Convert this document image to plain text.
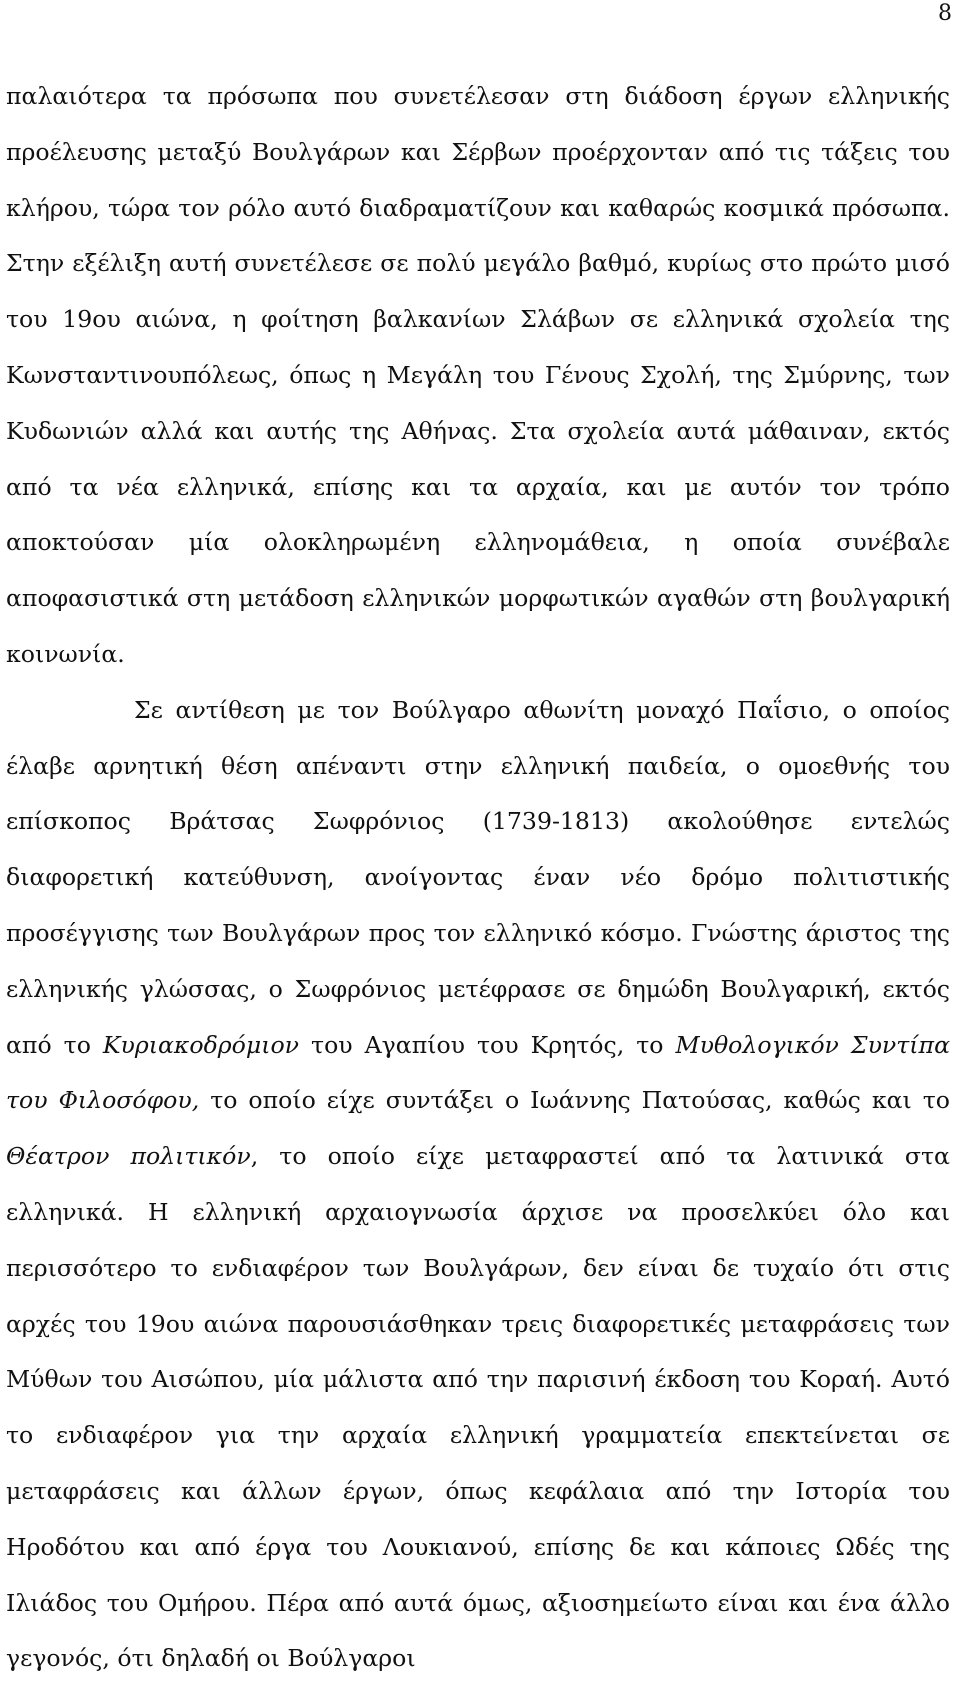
8

παλαιότερα τα πρόσωπα που συνετέλεσαν στη διάδοση έργων ελληνικής προέλευσης μεταξύ Βουλγάρων και Σέρβων προέρχονταν από τις τάξεις του κλήρου, τώρα τον ρόλο αυτό διαδραματίζουν και καθαρώς κοσμικά πρόσωπα. Στην εξέλιξη αυτή συνετέλεσε σε πολύ μεγάλο βαθμό, κυρίως στο πρώτο μισό του 19ου αιώνα, η φοίτηση βαλκανίων Σλάβων σε ελληνικά σχολεία της Κωνσταντινουπόλεως, όπως η Μεγάλη του Γένους Σχολή, της Σμύρνης, των Κυδωνιών αλλά και αυτής της Αθήνας. Στα σχολεία αυτά μάθαιναν, εκτός από τα νέα ελληνικά, επίσης και τα αρχαία, και με αυτόν τον τρόπο αποκτούσαν μία ολοκληρωμένη ελληνομάθεια, η οποία συνέβαλε αποφασιστικά στη μετάδοση ελληνικών μορφωτικών αγαθών στη βουλγαρική κοινωνία.

Σε αντίθεση με τον Βούλγαρο αθωνίτη μοναχό Παΐσιο, ο οποίος έλαβε αρνητική θέση απέναντι στην ελληνική παιδεία, ο ομοεθνής του επίσκοπος Βράτσας Σωφρόνιος (1739-1813) ακολούθησε εντελώς διαφορετική κατεύθυνση, ανοίγοντας έναν νέο δρόμο πολιτιστικής προσέγγισης των Βουλγάρων προς τον ελληνικό κόσμο. Γνώστης άριστος της ελληνικής γλώσσας, ο Σωφρόνιος μετέφρασε σε δημώδη Βουλγαρική, εκτός από το Κυριακοδρόμιον του Αγαπίου του Κρητός, το Μυθολογικόν Συντίπα του Φιλοσόφου, το οποίο είχε συντάξει ο Ιωάννης Πατούσας, καθώς και το Θέατρον πολιτικόν, το οποίο είχε μεταφραστεί από τα λατινικά στα ελληνικά. Η ελληνική αρχαιογνωσία άρχισε να προσελκύει όλο και περισσότερο το ενδιαφέρον των Βουλγάρων, δεν είναι δε τυχαίο ότι στις αρχές του 19ου αιώνα παρουσιάσθηκαν τρεις διαφορετικές μεταφράσεις των Μύθων του Αισώπου, μία μάλιστα από την παρισινή έκδοση του Κοραή. Αυτό το ενδιαφέρον για την αρχαία ελληνική γραμματεία επεκτείνεται σε μεταφράσεις και άλλων έργων, όπως κεφάλαια από την Ιστορία του Ηροδότου και από έργα του Λουκιανού, επίσης δε και κάποιες Ωδές της Ιλιάδος του Ομήρου. Πέρα από αυτά όμως, αξιοσημείωτο είναι και ένα άλλο γεγονός, ότι δηλαδή οι Βούλγαροι
